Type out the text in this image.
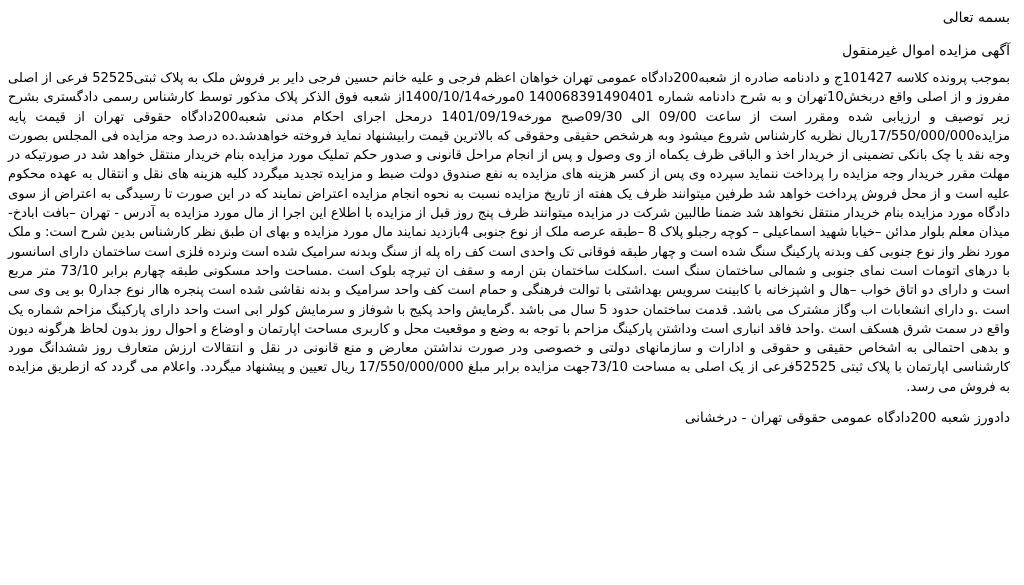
بسمه تعالی

آگهی مزایده اموال غیرمنقول

بموجب پرونده کلاسه 101427ج و دادنامه صادره از شعبه200دادگاه عمومی تهران خواهان اعظم فرجی و علیه خانم حسین فرجی دایر بر فروش ملک به پلاک ثبتی52525 فرعی از اصلی مفروز و از اصلی واقع دربخش10تهران و به شرح دادنامه شماره 140068391490401 0مورخه1400/10/14از شعبه فوق الذکر پلاک مذکور توسط کارشناس رسمی دادگستری بشرح زیر توصیف و ارزیابی شده ومقرر است از ساعت 09/00 الی 09/30صبح مورخه1401/09/19 درمحل اجرای احکام مدنی شعبه200دادگاه حقوقی تهران از قیمت پایه مزایده17/550/000/000ریال نظریه کارشناس شروع میشود وبه هرشخص حقیقی وحقوقی که بالاترین قیمت رابیشنهاد نماید فروخته خواهدشد.ده درصد وجه مزایده فی المجلس بصورت وجه نقد یا چک بانکی تضمینی از خریدار اخذ و الباقی ظرف یکماه از وی وصول و پس از انجام مراحل قانونی و صدور حکم تملیک مورد مزایده بنام خریدار منتقل خواهد شد در صورتیکه در مهلت مقرر خریدار وجه مزایده را پرداخت ننماید سپرده وی پس از کسر هزینه های مزایده به نفع صندوق دولت ضبط و مزایده تجدید میگردد کلیه هزینه های نقل و انتقال به عهده محکوم علیه است و از محل فروش پرداخت خواهد شد طرفین میتوانند ظرف یک هفته از تاریخ مزایده نسبت به نحوه انجام مزایده اعتراض نمایند که در این صورت تا رسیدگی به اعتراض از سوی دادگاه مورد مزایده بنام خریدار منتقل نخواهد شد ضمنا طالبین شرکت در مزایده میتوانند ظرف پنج روز قبل از مزایده با اطلاع این اجرا از مال مورد مزایده به آدرس - تهران –بافت ابادخ- میذان معلم بلوار مدائن –خیابا شهید اسماعیلی – کوچه رجبلو پلاک 8 –طبقه عرصه ملک از نوع جنوبی 4بازدید نمایند مال مورد مزایده و بهای ان طبق نظر کارشناس بدین شرح است: و ملک مورد نظر واز نوع جنوبی کف وبدنه پارکینگ سنگ شده است و چهار طبقه فوقانی تک واحدی است کف راه پله از سنگ وبدنه سرامیک شده است ونرده فلزی است ساختمان دارای اسانسور با درهای اتومات است نمای جنوبی و شمالی ساختمان سنگ است .اسکلت ساختمان بتن ارمه و سقف ان تیرچه بلوک است .مساحت واحد مسکونی طبقه چهارم برابر 73/10 متر مربع است و دارای دو اتاق خواب –هال و اشپزخانه با کابینت سرویس بهداشتی با توالت فرهنگی و حمام است کف واحد سرامیک و بدنه نقاشی شده است پنجره هاار نوع جدار0 بو یی وی سی است .و دارای انشعابات اب وگاز مشترک می باشد. قدمت ساختمان حدود 5 سال می باشد .گرمایش واحد پکیج با شوفاز و سرمایش کولر ابی است واحد دارای پارکینگ مزاحم شماره یک واقع در سمت شرق هسکف است .واحد فاقد انباری است وداشتن پارکینگ مزاحم با توجه به وضع و موقعیت محل و کاربری مساحت اپارتمان و اوضاع و احوال روز بدون لحاظ هرگونه دیون و بدهی احتمالی به اشخاص حقیقی و حقوقی و ادارات و سازمانهای دولتی و خصوصی ودر صورت نداشتن معارض و منع قانونی در نقل و انتقالات ارزش متعارف روز ششدانگ مورد کارشناسی اپارتمان با پلاک ثبتی 52525فرعی از یک اصلی به مساحت 73/10جهت مزایده برابر مبلغ 17/550/000/000 ریال تعیین و پیشنهاد میگردد. واعلام می گردد که ازطریق مزایده به فروش می رسد.

دادورز شعبه 200دادگاه عمومی حقوقی تهران - درخشانی
